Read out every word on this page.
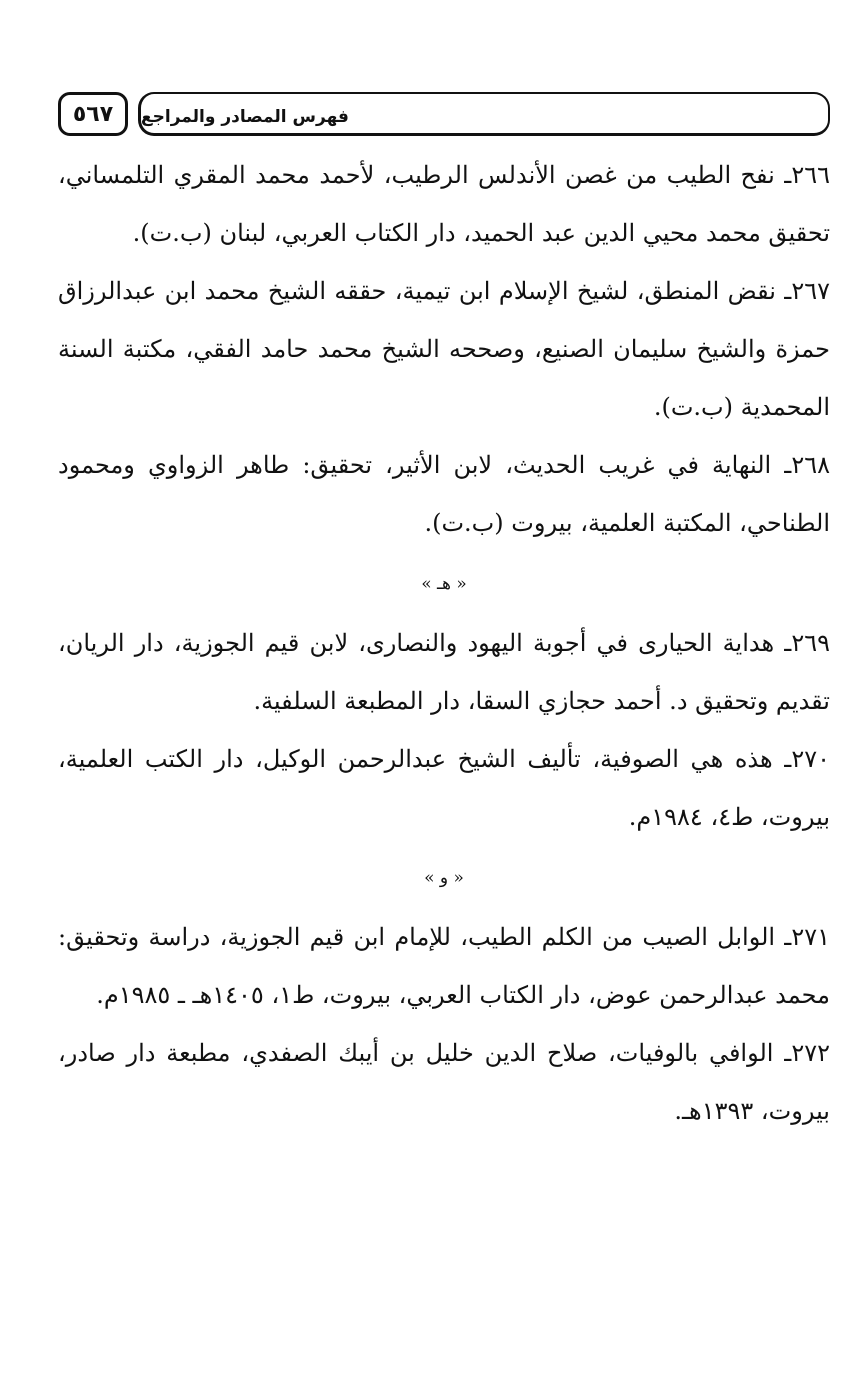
٥٦٧ فهرس المصادر والمراجع

٢٦٦ـ نفح الطيب من غصن الأندلس الرطيب، لأحمد محمد المقري التلمساني، تحقيق محمد محيي الدين عبد الحميد، دار الكتاب العربي، لبنان (ب.ت).

٢٦٧ـ نقض المنطق، لشيخ الإسلام ابن تيمية، حققه الشيخ محمد ابن عبدالرزاق حمزة والشيخ سليمان الصنيع، وصححه الشيخ محمد حامد الفقي، مكتبة السنة المحمدية (ب.ت).

٢٦٨ـ النهاية في غريب الحديث، لابن الأثير، تحقيق: طاهر الزواوي ومحمود الطناحي، المكتبة العلمية، بيروت (ب.ت).

« هـ »

٢٦٩ـ هداية الحيارى في أجوبة اليهود والنصارى، لابن قيم الجوزية، دار الريان، تقديم وتحقيق د. أحمد حجازي السقا، دار المطبعة السلفية.

٢٧٠ـ هذه هي الصوفية، تأليف الشيخ عبدالرحمن الوكيل، دار الكتب العلمية، بيروت، ط٤، ١٩٨٤م.

« و »

٢٧١ـ الوابل الصيب من الكلم الطيب، للإمام ابن قيم الجوزية، دراسة وتحقيق: محمد عبدالرحمن عوض، دار الكتاب العربي، بيروت، ط١، ١٤٠٥هـ ـ ١٩٨٥م.

٢٧٢ـ الوافي بالوفيات، صلاح الدين خليل بن أيبك الصفدي، مطبعة دار صادر، بيروت، ١٣٩٣هـ.
